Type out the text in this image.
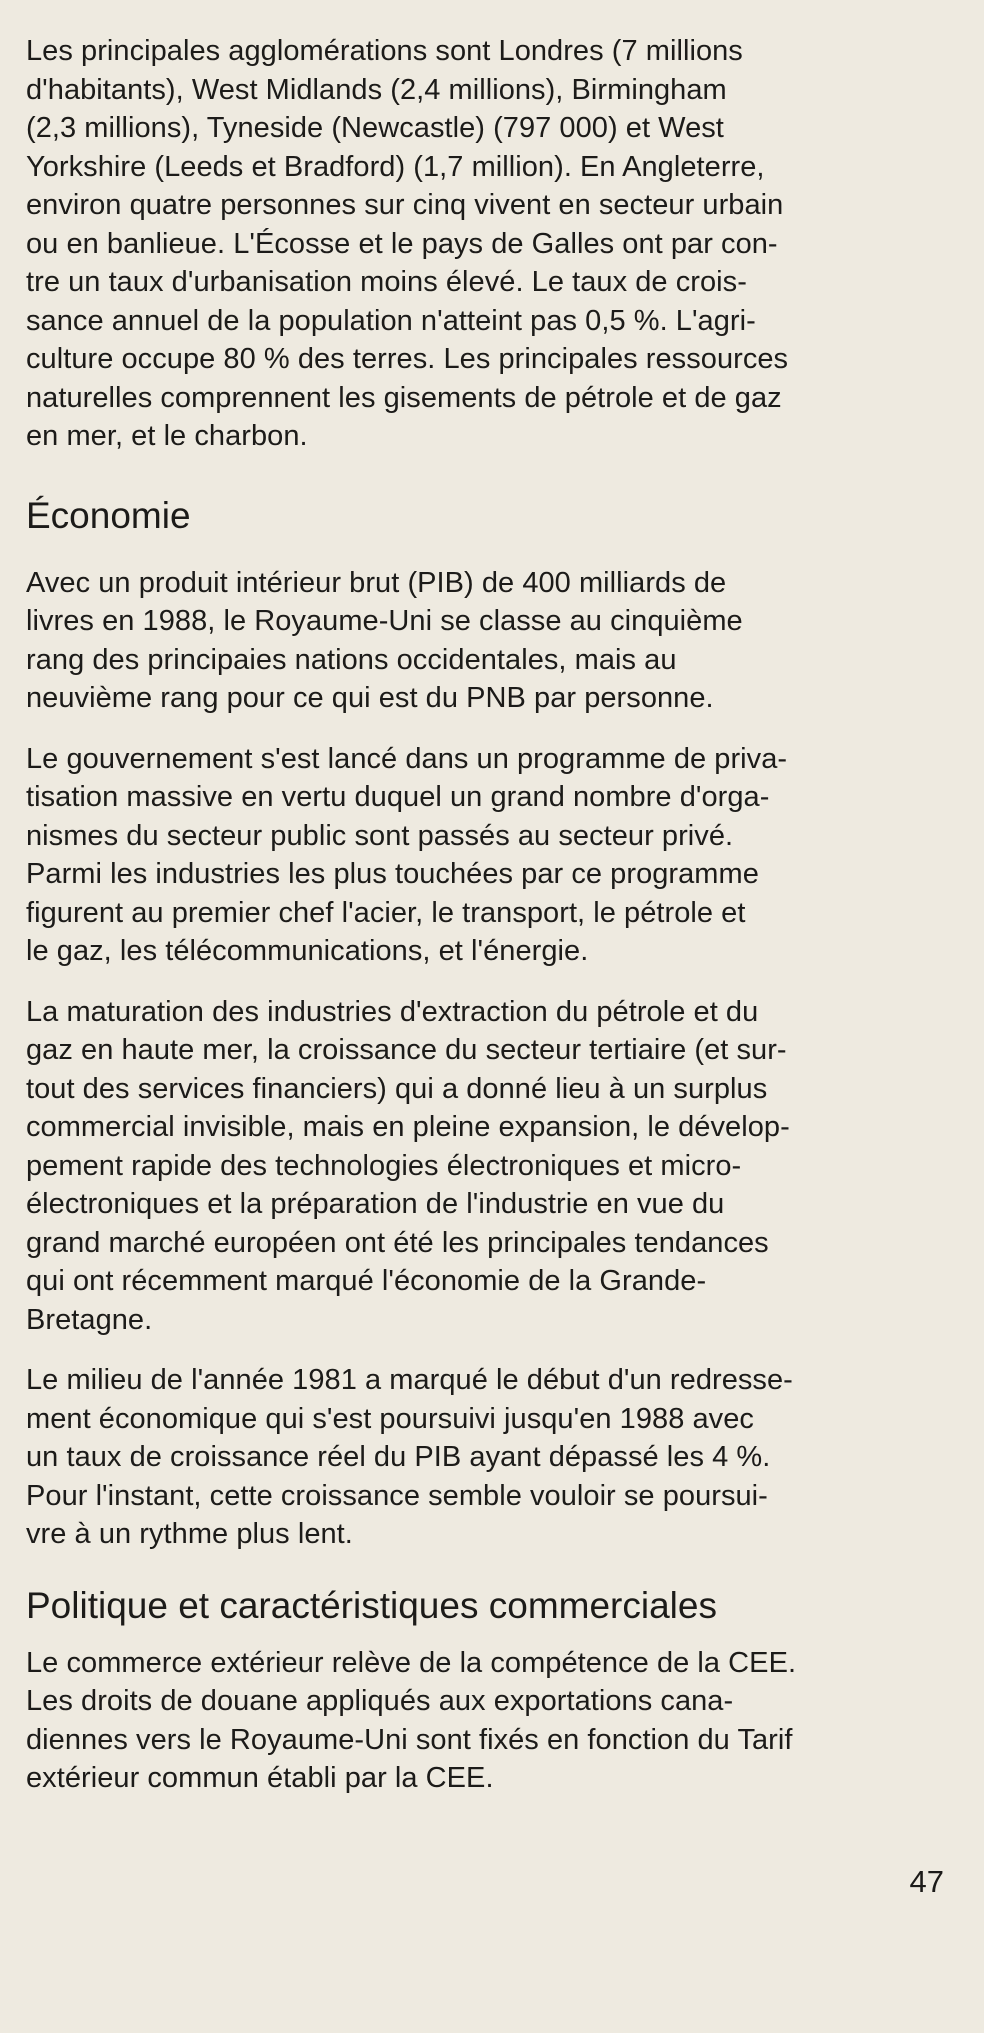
Les principales agglomérations sont Londres (7 millions
d'habitants), West Midlands (2,4 millions), Birmingham
(2,3 millions), Tyneside (Newcastle) (797 000) et West
Yorkshire (Leeds et Bradford) (1,7 million). En Angleterre,
environ quatre personnes sur cinq vivent en secteur urbain
ou en banlieue. L'Écosse et le pays de Galles ont par con-
tre un taux d'urbanisation moins élevé. Le taux de crois-
sance annuel de la population n'atteint pas 0,5 %. L'agri-
culture occupe 80 % des terres. Les principales ressources
naturelles comprennent les gisements de pétrole et de gaz
en mer, et le charbon.

Économie

Avec un produit intérieur brut (PIB) de 400 milliards de
livres en 1988, le Royaume-Uni se classe au cinquième
rang des principaies nations occidentales, mais au
neuvième rang pour ce qui est du PNB par personne.

Le gouvernement s'est lancé dans un programme de priva-
tisation massive en vertu duquel un grand nombre d'orga-
nismes du secteur public sont passés au secteur privé.
Parmi les industries les plus touchées par ce programme
figurent au premier chef l'acier, le transport, le pétrole et
le gaz, les télécommunications, et l'énergie.

La maturation des industries d'extraction du pétrole et du
gaz en haute mer, la croissance du secteur tertiaire (et sur-
tout des services financiers) qui a donné lieu à un surplus
commercial invisible, mais en pleine expansion, le dévelop-
pement rapide des technologies électroniques et micro-
électroniques et la préparation de l'industrie en vue du
grand marché européen ont été les principales tendances
qui ont récemment marqué l'économie de la Grande-
Bretagne.

Le milieu de l'année 1981 a marqué le début d'un redresse-
ment économique qui s'est poursuivi jusqu'en 1988 avec
un taux de croissance réel du PIB ayant dépassé les 4 %.
Pour l'instant, cette croissance semble vouloir se poursui-
vre à un rythme plus lent.

Politique et caractéristiques commerciales

Le commerce extérieur relève de la compétence de la CEE.
Les droits de douane appliqués aux exportations cana-
diennes vers le Royaume-Uni sont fixés en fonction du Tarif
extérieur commun établi par la CEE.

47
